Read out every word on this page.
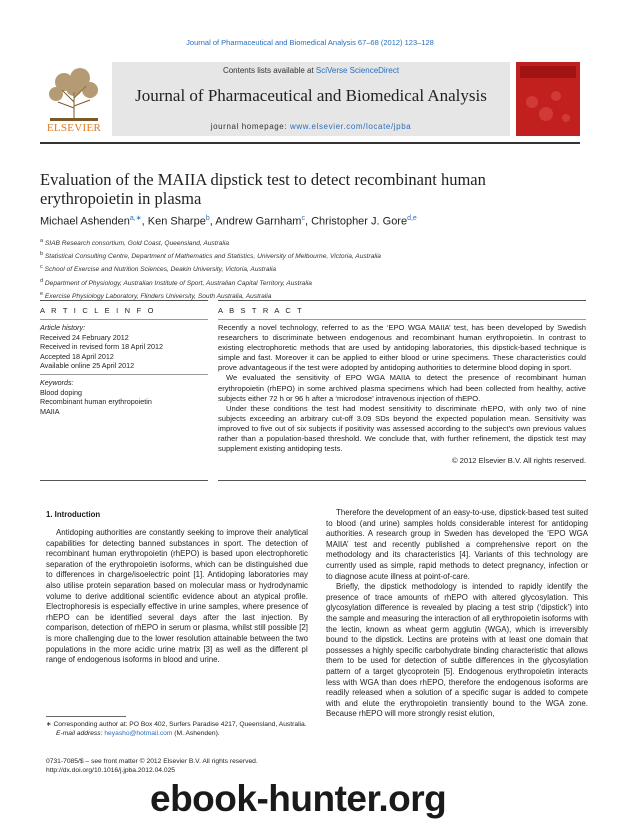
Journal of Pharmaceutical and Biomedical Analysis 67–68 (2012) 123–128
ELSEVIER
Contents lists available at SciVerse ScienceDirect
Journal of Pharmaceutical and Biomedical Analysis
journal homepage: www.elsevier.com/locate/jpba
Evaluation of the MAIIA dipstick test to detect recombinant human erythropoietin in plasma
Michael Ashenden$^{a,∗}$, Ken Sharpe$^b$, Andrew Garnham$^c$, Christopher J. Gore$^{d,e}$
$^a$ SIAB Research consortium, Gold Coast, Queensland, Australia
$^b$ Statistical Consulting Centre, Department of Mathematics and Statistics, University of Melbourne, Victoria, Australia
$^c$ School of Exercise and Nutrition Sciences, Deakin University, Victoria, Australia
$^d$ Department of Physiology, Australian Institute of Sport, Australian Capital Territory, Australia
$^e$ Exercise Physiology Laboratory, Flinders University, South Australia, Australia
A R T I C L E I N F O
Article history:
Received 24 February 2012
Received in revised form 18 April 2012
Accepted 18 April 2012
Available online 25 April 2012
Keywords:
Blood doping
Recombinant human erythropoietin
MAIIA
A B S T R A C T

Recently a novel technology, referred to as the ‘EPO WGA MAIIA’ test, has been developed by Swedish researchers to discriminate between endogenous and recombinant human erythropoietin. In contrast to existing electrophoretic methods that are used by antidoping laboratories, this dipstick-based technique is simple and fast. Moreover it can be applied to either blood or urine specimens. These characteristics could prove advantageous if the test were adopted by antidoping authorities to determine blood doping in sport.

We evaluated the sensitivity of EPO WGA MAIIA to detect the presence of recombinant human erythropoietin (rhEPO) in some archived plasma specimens which had been collected from healthy, active subjects either 72 h or 96 h after a ‘microdose’ intravenous injection of rhEPO.

Under these conditions the test had modest sensitivity to discriminate rhEPO, with only two of nine subjects exceeding an arbitrary cut-off 3.09 SDs beyond the expected population mean. Sensitivity was improved to five out of six subjects if positivity was assessed according to the subject’s own previous values rather than a population-based threshold. We conclude that, with further refinement, the dipstick test may supplement existing antidoping tests.

© 2012 Elsevier B.V. All rights reserved.
1. Introduction

Antidoping authorities are constantly seeking to improve their analytical capabilities for detecting banned substances in sport. The detection of recombinant human erythropoietin (rhEPO) is based upon electrophoretic separation of the erythropoietin isoforms, which can be distinguished due to differences in charge/isoelectric point [1]. Antidoping laboratories may also utilise protein separation based on molecular mass or hydrodynamic volume to derive additional scientific evidence about an atypical profile. Electrophoresis is especially effective in urine samples, where presence of rhEPO can be identified several days after the last injection. By comparison, detection of rhEPO in serum or plasma, whilst still possible [2] is more challenging due to the lower resolution attainable between the two populations in the more acidic urine matrix [3] as well as the different pI range of endogenous isoforms in blood and urine.

Therefore the development of an easy-to-use, dipstick-based test suited to blood (and urine) samples holds considerable interest for antidoping authorities. A research group in Sweden has developed the ‘EPO WGA MAIIA’ test and recently published a comprehensive report on the methodology and its characteristics [4]. Variants of this technology are currently used as simple, rapid methods to detect pregnancy, infection or to diagnose acute illness at point-of-care.

Briefly, the dipstick methodology is intended to rapidly identify the presence of trace amounts of rhEPO with altered glycosylation. This glycosylation difference is revealed by placing a test strip (‘dipstick’) into the sample and measuring the interaction of all erythropoietin isoforms with the lectin, known as wheat germ agglutin (WGA), which is irreversibly bound to the dipstick. Lectins are proteins with at least one domain that possesses a highly specific carbohydrate binding characteristic that allows them to be used for detection of subtle differences in the glycosylation pattern of a target glycoprotein [5]. Endogenous erythropoietin interacts less with WGA than does rhEPO, therefore the endogenous isoforms are readily released when a solution of a specific sugar is added to compete with and elute the erythropoietin transiently bound to the WGA zone. Because rhEPO will more strongly resist elution,

∗ Corresponding author at: PO Box 402, Surfers Paradise 4217, Queensland, Australia.
E-mail address: heyasho@hotmail.com (M. Ashenden).
0731-7085/$ – see front matter © 2012 Elsevier B.V. All rights reserved.
http://dx.doi.org/10.1016/j.jpba.2012.04.025
ebook-hunter.org
